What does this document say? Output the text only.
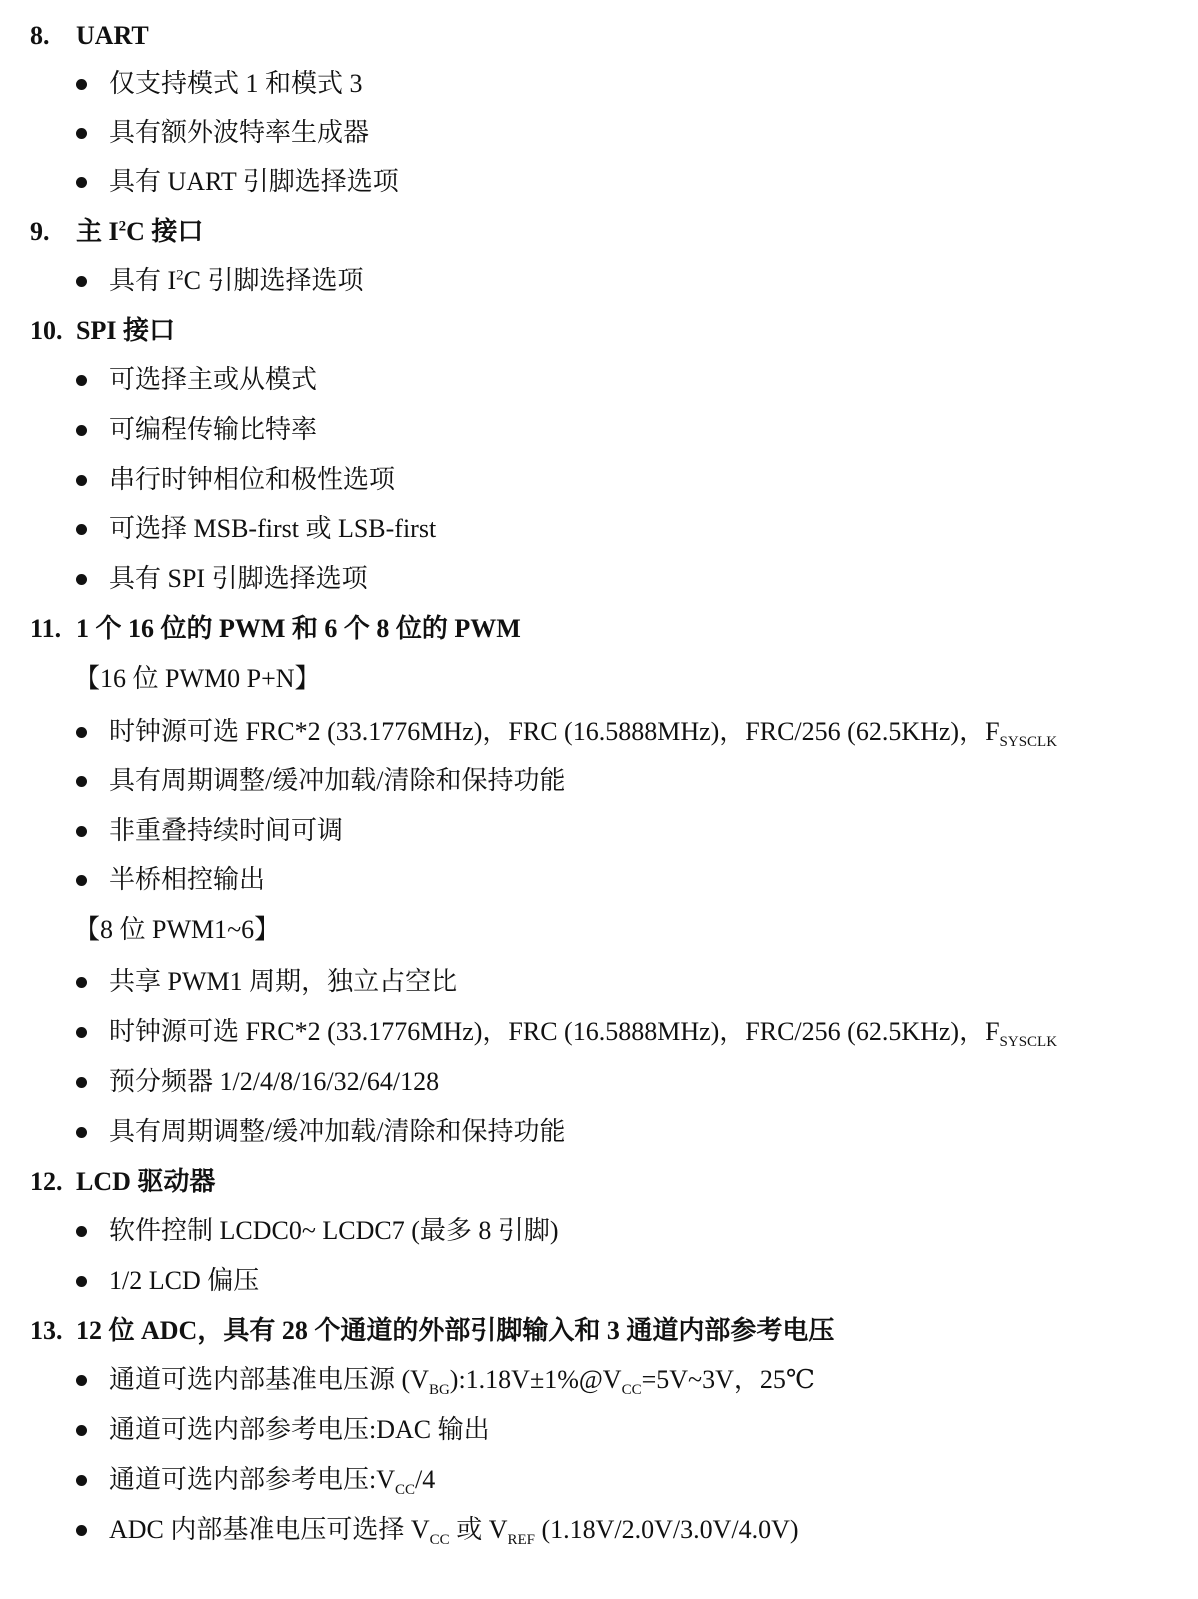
8. UART
仅支持模式 1 和模式 3
具有额外波特率生成器
具有 UART 引脚选择选项
9. 主 $I^2C$ 接口
具有 $I^2C$ 引脚选择选项
10. SPI 接口
可选择主或从模式
可编程传输比特率
串行时钟相位和极性选项
可选择 MSB-first 或 LSB-first
具有 SPI 引脚选择选项
11. 1 个 16 位的 PWM 和 6 个 8 位的 PWM
【16 位 PWM0 P+N】
时钟源可选 FRC*2 (33.1776MHz)，FRC (16.5888MHz)，FRC/256 (62.5KHz)，$F_{SYSCLK}$
具有周期调整/缓冲加载/清除和保持功能
非重叠持续时间可调
半桥相控输出
【8 位 PWM1~6】
共享 PWM1 周期，独立占空比
时钟源可选 FRC*2 (33.1776MHz)，FRC (16.5888MHz)，FRC/256 (62.5KHz)，$F_{SYSCLK}$
预分频器 1/2/4/8/16/32/64/128
具有周期调整/缓冲加载/清除和保持功能
12. LCD 驱动器
软件控制 LCDC0~ LCDC7 (最多 8 引脚)
1/2 LCD 偏压
13. 12 位 ADC，具有 28 个通道的外部引脚输入和 3 通道内部参考电压
通道可选内部基准电压源 $(V_{BG}):1.18V\pm 1\%@V_{CC}=5V\sim 3V$，25℃
通道可选内部参考电压:DAC 输出
通道可选内部参考电压$:V_{CC}/4$
ADC 内部基准电压可选择 $V_{CC}$ 或 $V_{REF}$ (1.18V/2.0V/3.0V/4.0V)
